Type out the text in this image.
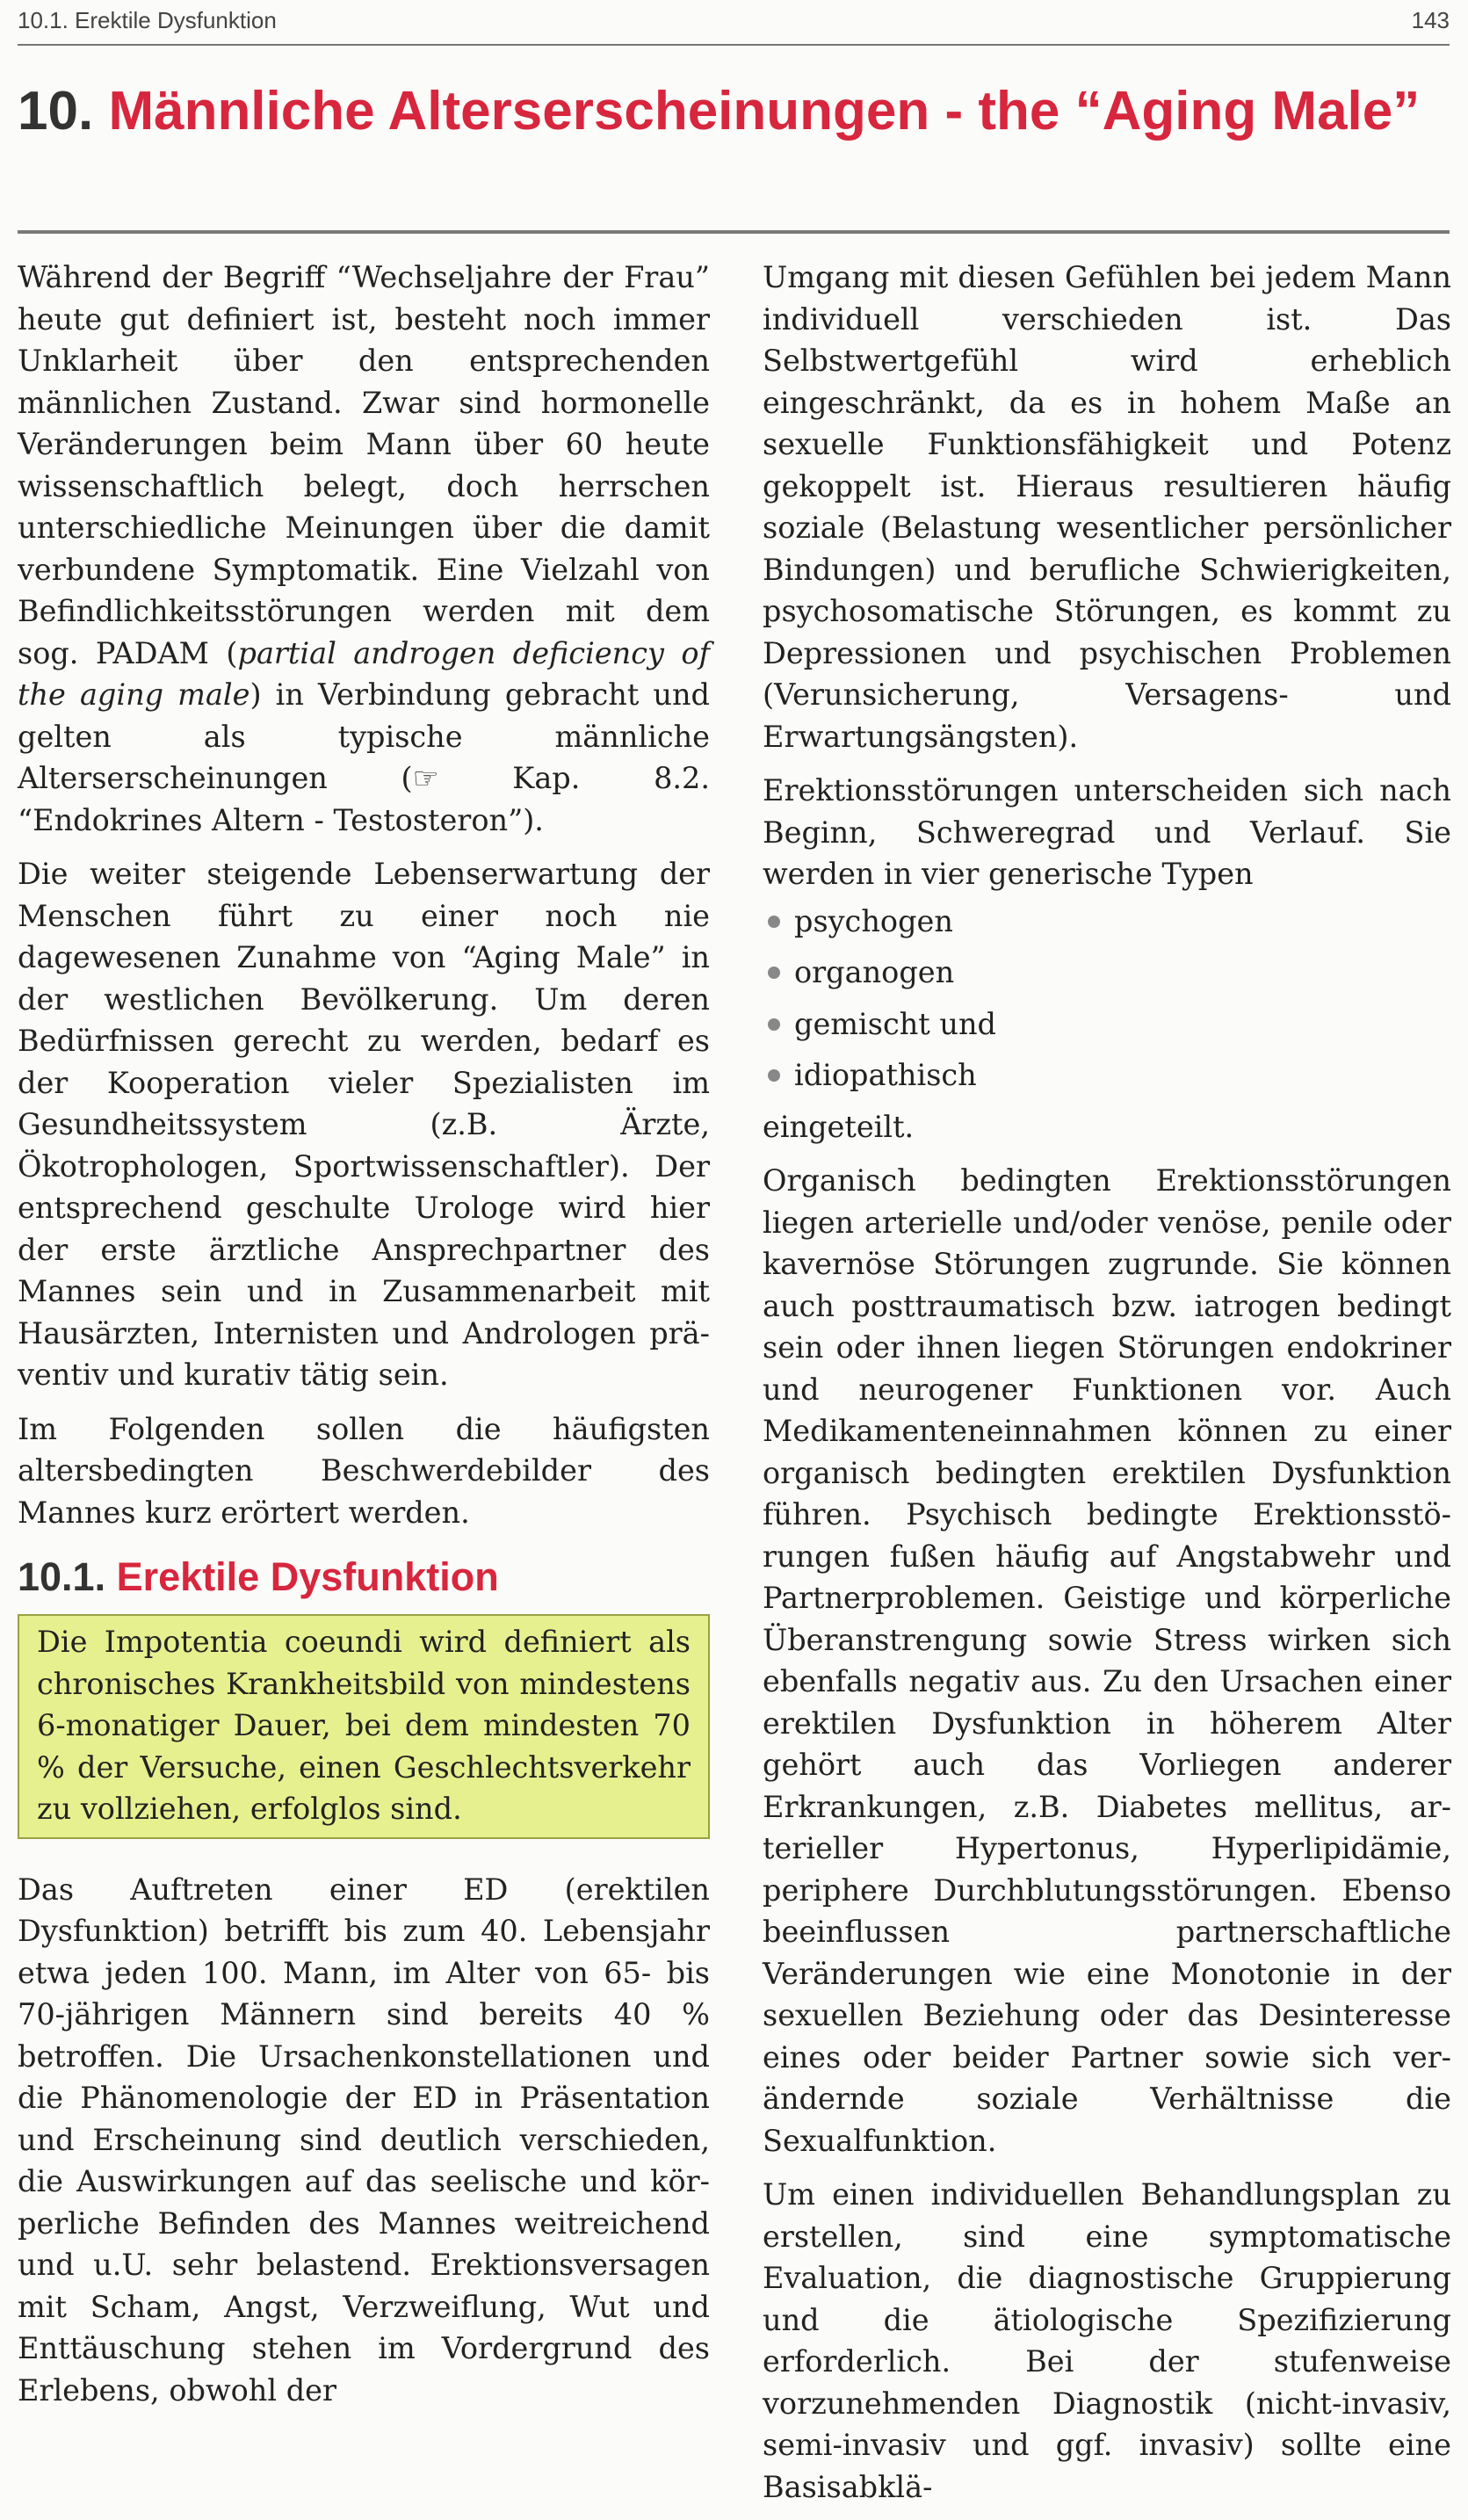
10.1. Erektile Dysfunktion	143
10. Männliche Alterserscheinungen - the “Aging Male”

Während der Begriff “Wechseljahre der Frau” heute gut definiert ist, besteht noch immer Unklarheit über den entsprechenden männlichen Zustand. Zwar sind hormonelle Veränderungen beim Mann über 60 heute wissenschaftlich belegt, doch herrschen unterschiedliche Meinungen über die damit verbundene Symptomatik. Eine Vielzahl von Befindlichkeitsstörungen werden mit dem sog. PADAM (partial androgen deficiency of the aging male) in Verbindung gebracht und gelten als typische männliche Alterserscheinungen (☞ Kap. 8.2. “Endokrines Altern - Testosteron”).

Die weiter steigende Lebenserwartung der Menschen führt zu einer noch nie dagewesenen Zunahme von “Aging Male” in der westlichen Bevölkerung. Um deren Bedürfnissen gerecht zu werden, bedarf es der Kooperation vieler Spezialisten im Gesundheitssystem (z.B. Ärzte, Ökotrophologen, Sportwissenschaftler). Der entsprechend geschulte Urologe wird hier der erste ärztliche Ansprechpartner des Mannes sein und in Zusammenarbeit mit Hausärzten, Internisten und Andrologen präventiv und kurativ tätig sein.

Im Folgenden sollen die häufigsten altersbedingten Beschwerdebilder des Mannes kurz erörtert werden.

10.1. Erektile Dysfunktion

Die Impotentia coeundi wird definiert als chronisches Krankheitsbild von mindestens 6-monatiger Dauer, bei dem mindesten 70 % der Versuche, einen Geschlechtsverkehr zu vollziehen, erfolglos sind.

Das Auftreten einer ED (erektilen Dysfunktion) betrifft bis zum 40. Lebensjahr etwa jeden 100. Mann, im Alter von 65- bis 70-jährigen Männern sind bereits 40 % betroffen. Die Ursachenkonstellationen und die Phänomenologie der ED in Präsentation und Erscheinung sind deutlich verschieden, die Auswirkungen auf das seelische und körperliche Befinden des Mannes weitreichend und u.U. sehr belastend. Erektionsversagen mit Scham, Angst, Verzweiflung, Wut und Enttäuschung stehen im Vordergrund des Erlebens, obwohl der

Umgang mit diesen Gefühlen bei jedem Mann individuell verschieden ist. Das Selbstwertgefühl wird erheblich eingeschränkt, da es in hohem Maße an sexuelle Funktionsfähigkeit und Potenz gekoppelt ist. Hieraus resultieren häufig soziale (Belastung wesentlicher persönlicher Bindungen) und berufliche Schwierigkeiten, psychosomatische Störungen, es kommt zu Depressionen und psychischen Problemen (Verunsicherung, Versagens- und Erwartungsängsten).

Erektionsstörungen unterscheiden sich nach Beginn, Schweregrad und Verlauf. Sie werden in vier generische Typen

psychogen
organogen
gemischt und
idiopathisch

eingeteilt.

Organisch bedingten Erektionsstörungen liegen arterielle und/oder venöse, penile oder kavernöse Störungen zugrunde. Sie können auch posttraumatisch bzw. iatrogen bedingt sein oder ihnen liegen Störungen endokriner und neurogener Funktionen vor. Auch Medikamenteneinnahmen können zu einer organisch bedingten erektilen Dysfunktion führen. Psychisch bedingte Erektionsstörungen fußen häufig auf Angstabwehr und Partnerproblemen. Geistige und körperliche Überanstrengung sowie Stress wirken sich ebenfalls negativ aus. Zu den Ursachen einer erektilen Dysfunktion in höherem Alter gehört auch das Vorliegen anderer Erkrankungen, z.B. Diabetes mellitus, arterieller Hypertonus, Hyperlipidämie, periphere Durchblutungsstörungen. Ebenso beeinflussen partnerschaftliche Veränderungen wie eine Monotonie in der sexuellen Beziehung oder das Desinteresse eines oder beider Partner sowie sich verändernde soziale Verhältnisse die Sexualfunktion.

Um einen individuellen Behandlungsplan zu erstellen, sind eine symptomatische Evaluation, die diagnostische Gruppierung und die ätiologische Spezifizierung erforderlich. Bei der stufenweise vorzunehmenden Diagnostik (nicht-invasiv, semi-invasiv und ggf. invasiv) sollte eine Basisabklä-
